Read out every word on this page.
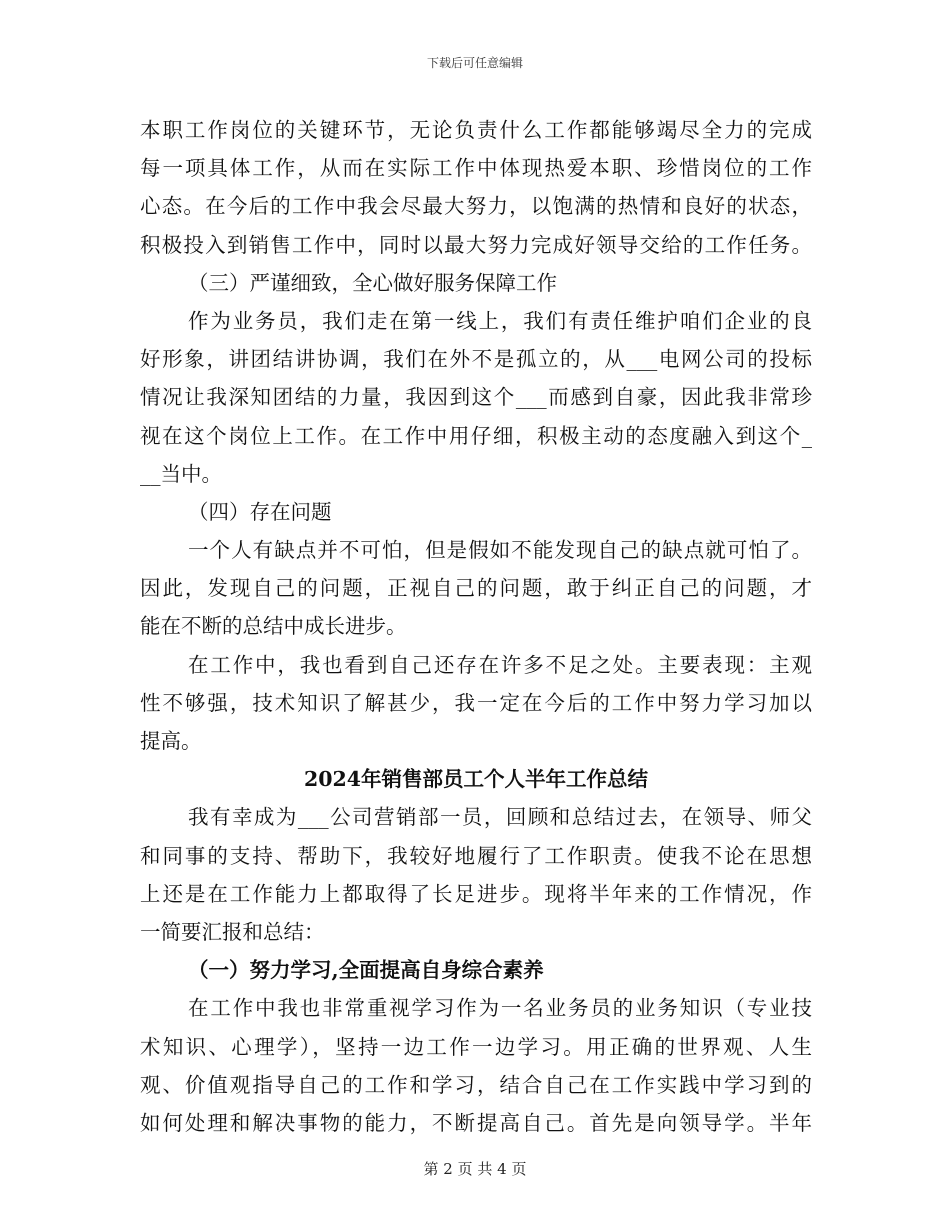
下载后可任意编辑
本职工作岗位的关键环节，无论负责什么工作都能够竭尽全力的完成
每一项具体工作，从而在实际工作中体现热爱本职、珍惜岗位的工作
心态。在今后的工作中我会尽最大努力，以饱满的热情和良好的状态，
积极投入到销售工作中，同时以最大努力完成好领导交给的工作任务。
（三）严谨细致，全心做好服务保障工作
作为业务员，我们走在第一线上，我们有责任维护咱们企业的良
好形象，讲团结讲协调，我们在外不是孤立的，从___电网公司的投标
情况让我深知团结的力量，我因到这个___而感到自豪，因此我非常珍
视在这个岗位上工作。在工作中用仔细，积极主动的态度融入到这个_
__当中。
（四）存在问题
一个人有缺点并不可怕，但是假如不能发现自己的缺点就可怕了。
因此，发现自己的问题，正视自己的问题，敢于纠正自己的问题，才
能在不断的总结中成长进步。
在工作中，我也看到自己还存在许多不足之处。主要表现：主观
性不够强，技术知识了解甚少，我一定在今后的工作中努力学习加以
提高。
2024年销售部员工个人半年工作总结
我有幸成为___公司营销部一员，回顾和总结过去，在领导、师父
和同事的支持、帮助下，我较好地履行了工作职责。使我不论在思想
上还是在工作能力上都取得了长足进步。现将半年来的工作情况，作
一简要汇报和总结：
（一）努力学习,全面提高自身综合素养
在工作中我也非常重视学习作为一名业务员的业务知识（专业技
术知识、心理学），坚持一边工作一边学习。用正确的世界观、人生
观、价值观指导自己的工作和学习，结合自己在工作实践中学习到的
如何处理和解决事物的能力，不断提高自己。首先是向领导学。半年
第 2 页 共 4 页
